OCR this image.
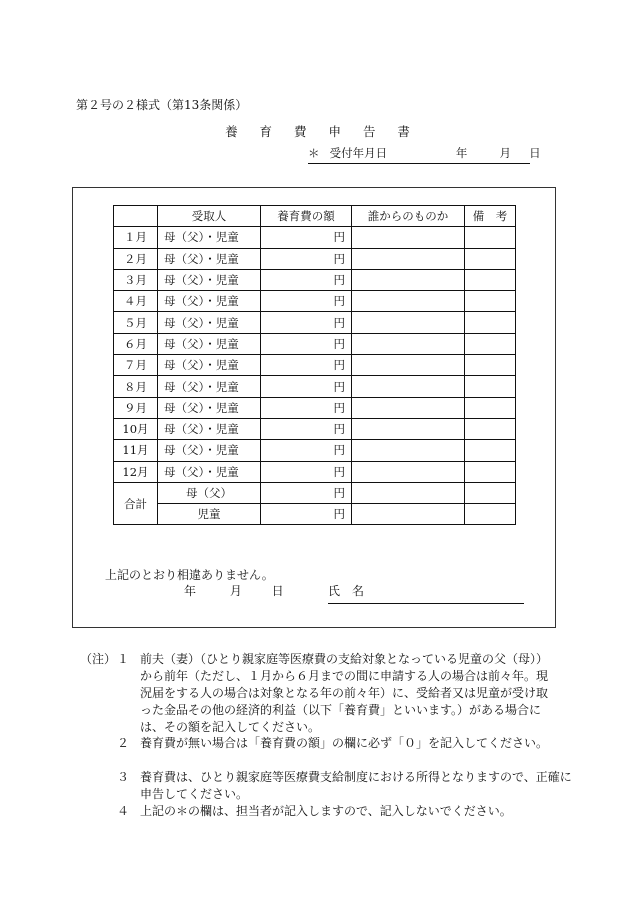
第２号の２様式（第13条関係）
養 育 費 申 告 書
＊ 受付年月日	年	月 日
	受取人	養育費の額	誰からのものか	備　考
１月	母（父）・児童	円		
２月	母（父）・児童	円		
３月	母（父）・児童	円		
４月	母（父）・児童	円		
５月	母（父）・児童	円		
６月	母（父）・児童	円		
７月	母（父）・児童	円		
８月	母（父）・児童	円		
９月	母（父）・児童	円		
10月	母（父）・児童	円		
11月	母（父）・児童	円		
12月	母（父）・児童	円		
合計	母（父）	円		
	児童	円		
上記のとおり相違ありません。
年	月 日	氏　名
（注） １ 前夫（妻）（ひとり親家庭等医療費の支給対象となっている児童の父（母））から前年（ただし、１月から６月までの間に申請する人の場合は前々年。現況届をする人の場合は対象となる年の前々年）に、受給者又は児童が受け取った金品その他の経済的利益（以下「養育費」といいます。）がある場合には、その額を記入してください。
２ 養育費が無い場合は「養育費の額」の欄に必ず「０」を記入してください。
３ 養育費は、ひとり親家庭等医療費支給制度における所得となりますので、正確に申告してください。
４ 上記の＊の欄は、担当者が記入しますので、記入しないでください。
